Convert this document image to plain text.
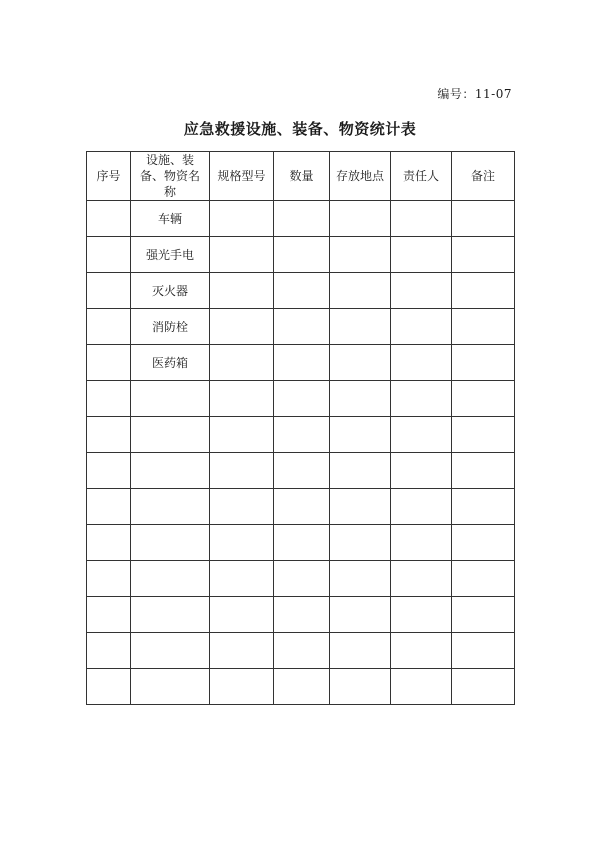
编号：11-07
应急救援设施、装备、物资统计表
序号	设施、装备、物资名称	规格型号	数量	存放地点	责任人	备注
	车辆					
	强光手电					
	灭火器					
	消防栓					
	医药箱					
